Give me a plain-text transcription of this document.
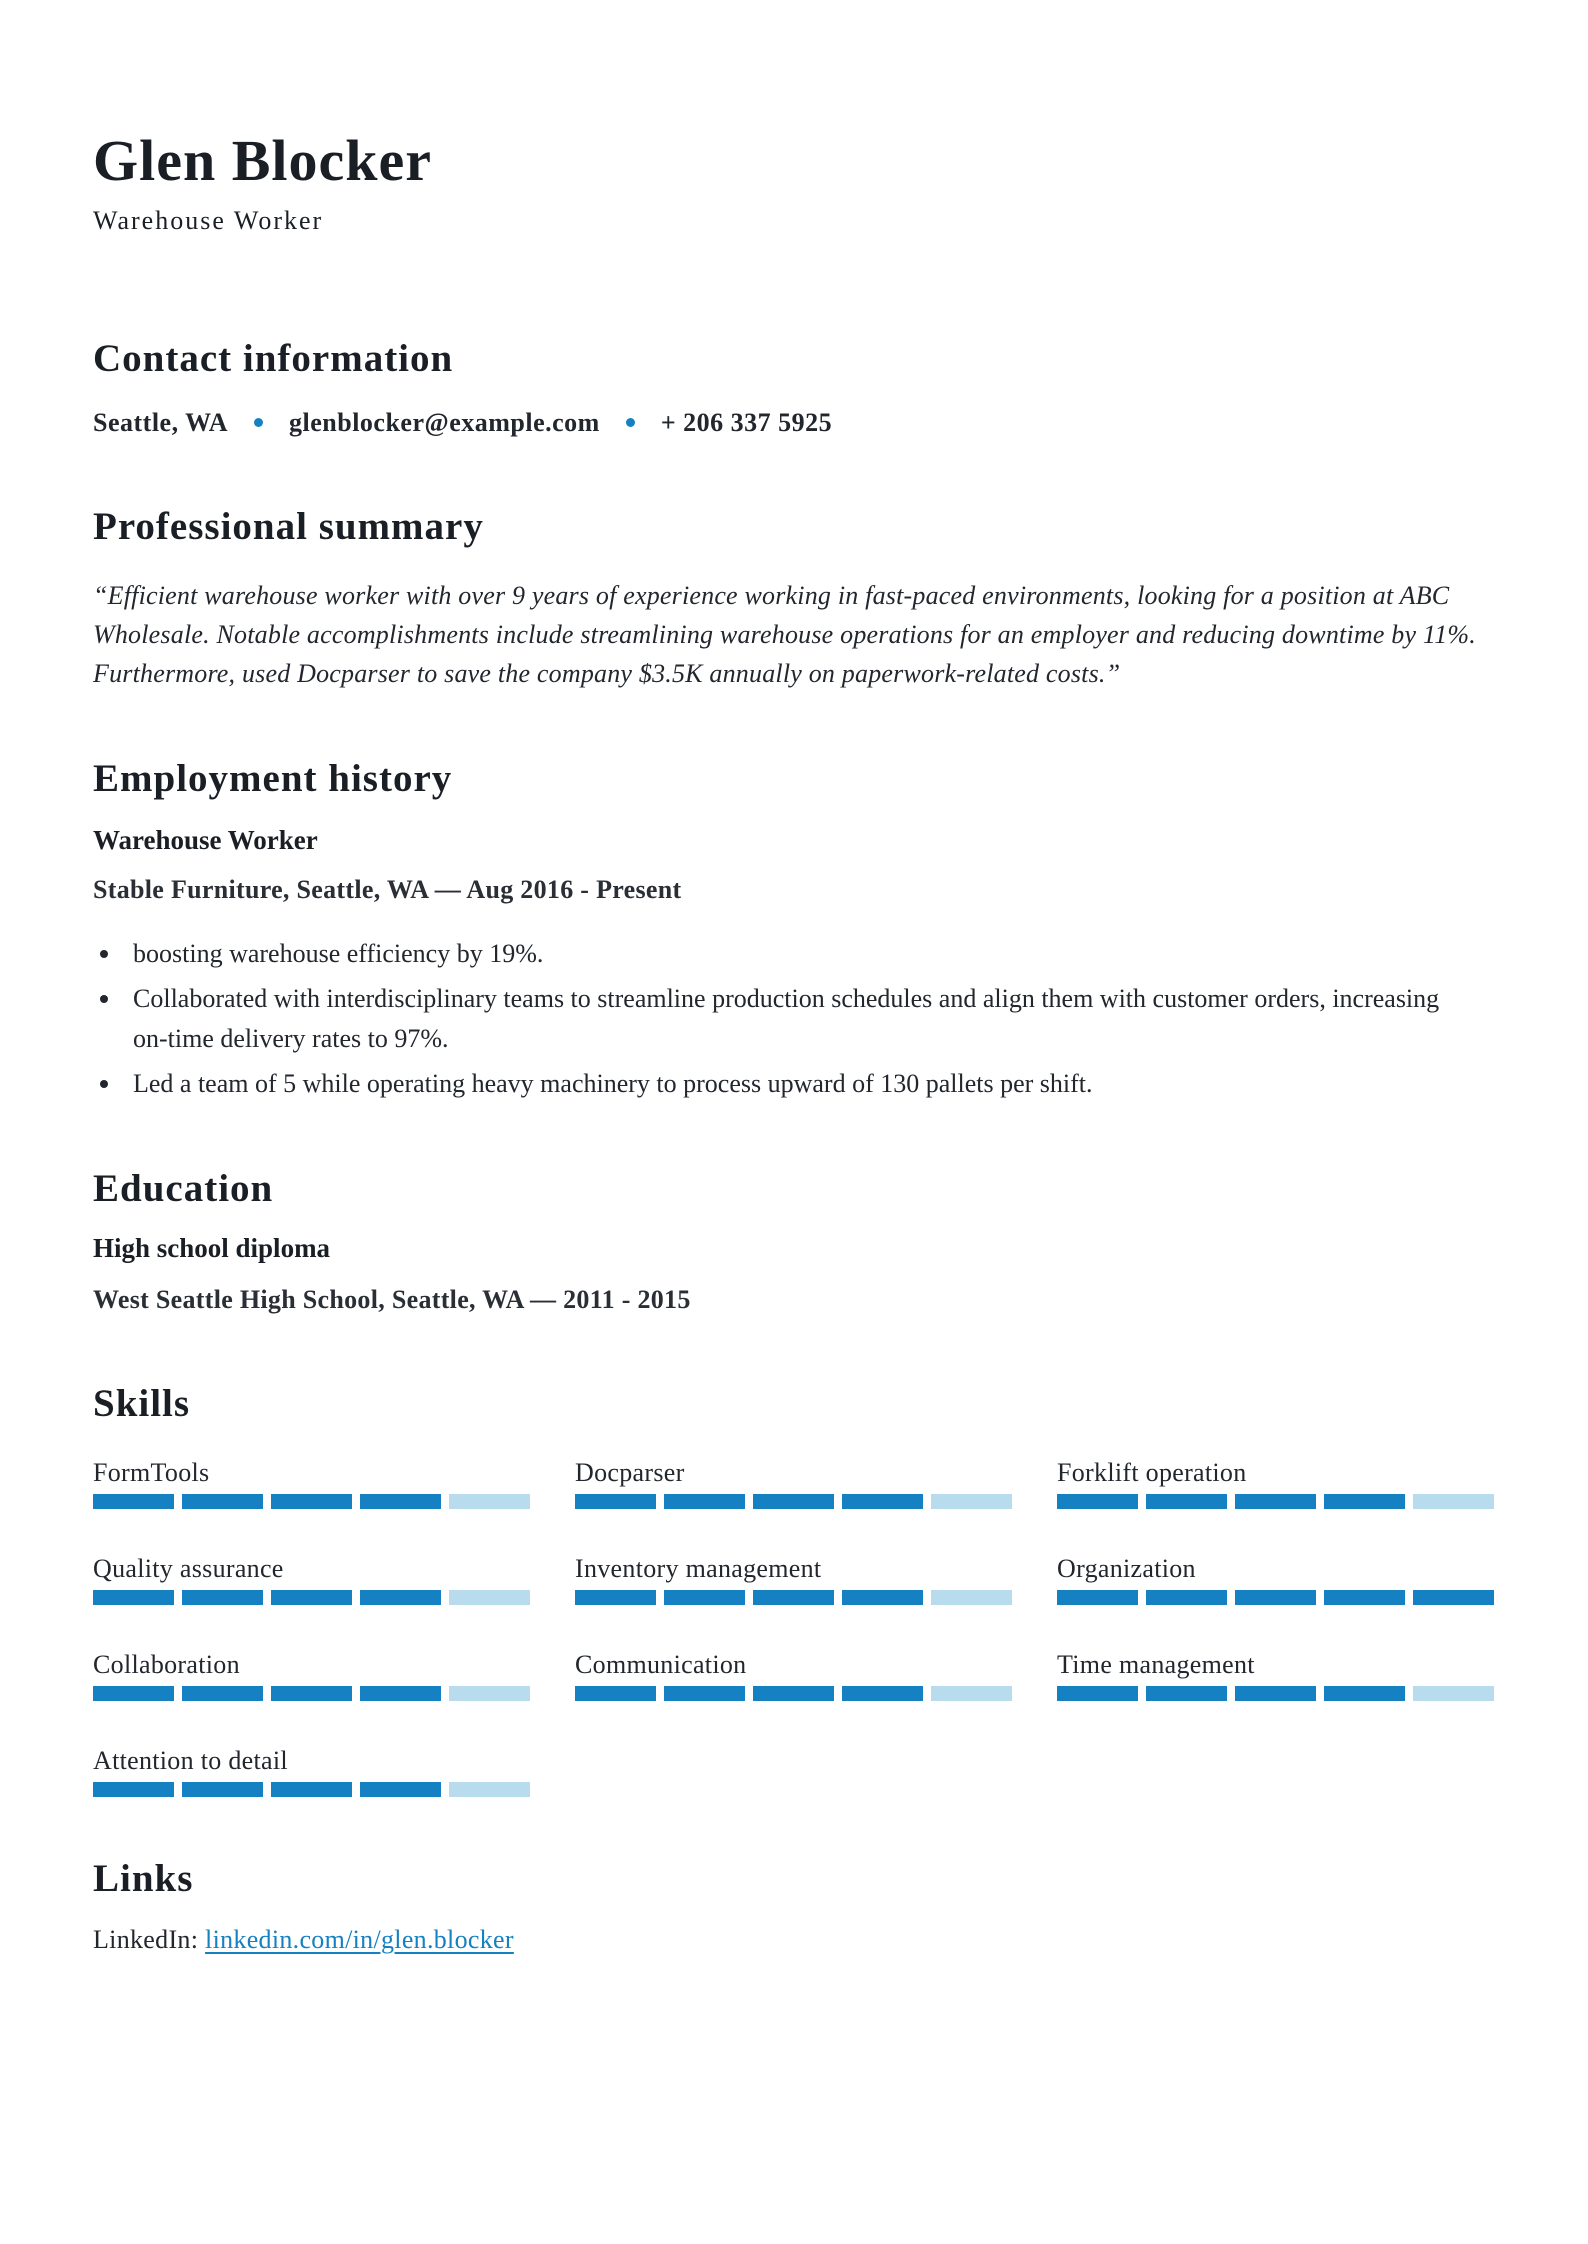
Glen Blocker
Warehouse Worker
Contact information
Seattle, WA glenblocker@example.com + 206 337 5925
Professional summary

“Efficient warehouse worker with over 9 years of experience working in fast-paced environments, looking for a position at ABC Wholesale. Notable accomplishments include streamlining warehouse operations for an employer and reducing downtime by 11%. Furthermore, used Docparser to save the company $3.5K annually on paperwork-related costs.”

Employment history
Warehouse Worker
Stable Furniture, Seattle, WA — Aug 2016 - Present
boosting warehouse efficiency by 19%.
Collaborated with interdisciplinary teams to streamline production schedules and align them with customer orders, increasing on-time delivery rates to 97%.
Led a team of 5 while operating heavy machinery to process upward of 130 pallets per shift.
Education
High school diploma
West Seattle High School, Seattle, WA — 2011 - 2015
Skills
FormTools	Docparser	Forklift operation
Quality assurance	Inventory management	Organization
Collaboration	Communication	Time management
Attention to detail
Links

LinkedIn: linkedin.com/in/glen.blocker
